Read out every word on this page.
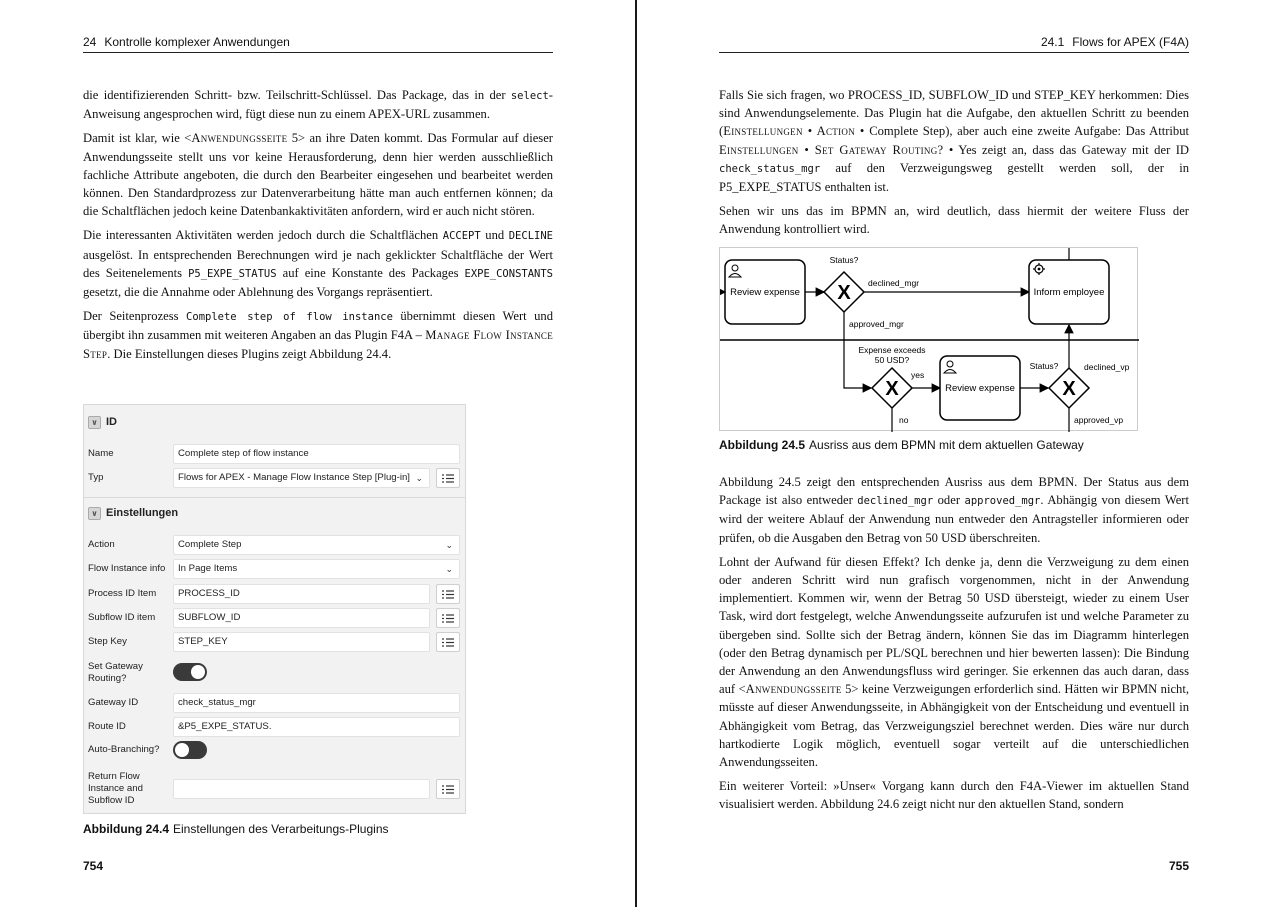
24 Kontrolle komplexer Anwendungen

die identifizierenden Schritt- bzw. Teilschritt-Schlüssel. Das Package, das in der select-Anweisung angesprochen wird, fügt diese nun zu einem APEX-URL zusammen.

Damit ist klar, wie <Anwendungsseite 5> an ihre Daten kommt. Das Formular auf dieser Anwendungsseite stellt uns vor keine Herausforderung, denn hier werden ausschließlich fachliche Attribute angeboten, die durch den Bearbeiter eingesehen und bearbeitet werden können. Den Standardprozess zur Datenverarbeitung hätte man auch entfernen können; da die Schaltflächen jedoch keine Datenbankaktivitäten anfordern, wird er auch nicht stören.

Die interessanten Aktivitäten werden jedoch durch die Schaltflächen ACCEPT und DECLINE ausgelöst. In entsprechenden Berechnungen wird je nach geklickter Schaltfläche der Wert des Seitenelements P5_EXPE_STATUS auf eine Konstante des Packages EXPE_CONSTANTS gesetzt, die die Annahme oder Ablehnung des Vorgangs repräsentiert.

Der Seitenprozess Complete step of flow instance übernimmt diesen Wert und übergibt ihn zusammen mit weiteren Angaben an das Plugin F4A – Manage Flow Instance Step. Die Einstellungen dieses Plugins zeigt Abbildung 24.4.

∨ ID
Name	Complete step of flow instance
Typ	Flows for APEX - Manage Flow Instance Step [Plug-in] ⌄
∨ Einstellungen
Action	Complete Step	⌄
Flow Instance info	In Page Items	⌄
Process ID Item	PROCESS_ID
Subflow ID item	SUBFLOW_ID
Step Key	STEP_KEY
Set Gateway Routing?
Gateway ID	check_status_mgr
Route ID	&P5_EXPE_STATUS.
Auto-Branching?
Return Flow Instance and Subflow ID
Abbildung 24.4 Einstellungen des Verarbeitungs-Plugins
754
24.1 Flows for APEX (F4A)

Falls Sie sich fragen, wo PROCESS_ID, SUBFLOW_ID und STEP_KEY herkommen: Dies sind Anwendungselemente. Das Plugin hat die Aufgabe, den aktuellen Schritt zu beenden (Einstellungen • Action • Complete Step), aber auch eine zweite Aufgabe: Das Attribut Einstellungen • Set Gateway Routing? • Yes zeigt an, dass das Gateway mit der ID check_status_mgr auf den Verzweigungsweg gestellt werden soll, der in P5_EXPE_STATUS enthalten ist.

Sehen wir uns das im BPMN an, wird deutlich, dass hiermit der weitere Fluss der Anwendung kontrolliert wird.

Review expense X
Status?
declined_mgr
Inform employee
approved_mgr
X
Expense exceeds
50 USD?
yes
no
Review expense X
Status?	declined_vp
approved_vp
Abbildung 24.5 Ausriss aus dem BPMN mit dem aktuellen Gateway

Abbildung 24.5 zeigt den entsprechenden Ausriss aus dem BPMN. Der Status aus dem Package ist also entweder declined_mgr oder approved_mgr. Abhängig von diesem Wert wird der weitere Ablauf der Anwendung nun entweder den Antragsteller informieren oder prüfen, ob die Ausgaben den Betrag von 50 USD überschreiten.

Lohnt der Aufwand für diesen Effekt? Ich denke ja, denn die Verzweigung zu dem einen oder anderen Schritt wird nun grafisch vorgenommen, nicht in der Anwendung implementiert. Kommen wir, wenn der Betrag 50 USD übersteigt, wieder zu einem User Task, wird dort festgelegt, welche Anwendungsseite aufzurufen ist und welche Parameter zu übergeben sind. Sollte sich der Betrag ändern, können Sie das im Diagramm hinterlegen (oder den Betrag dynamisch per PL/SQL berechnen und hier bewerten lassen): Die Bindung der Anwendung an den Anwendungsfluss wird geringer. Sie erkennen das auch daran, dass auf <Anwendungsseite 5> keine Verzweigungen erforderlich sind. Hätten wir BPMN nicht, müsste auf dieser Anwendungsseite, in Abhängigkeit von der Entscheidung und eventuell in Abhängigkeit vom Betrag, das Verzweigungsziel berechnet werden. Dies wäre nur durch hartkodierte Logik möglich, eventuell sogar verteilt auf die unterschiedlichen Anwendungsseiten.

Ein weiterer Vorteil: »Unser« Vorgang kann durch den F4A-Viewer im aktuellen Stand visualisiert werden. Abbildung 24.6 zeigt nicht nur den aktuellen Stand, sondern

755
